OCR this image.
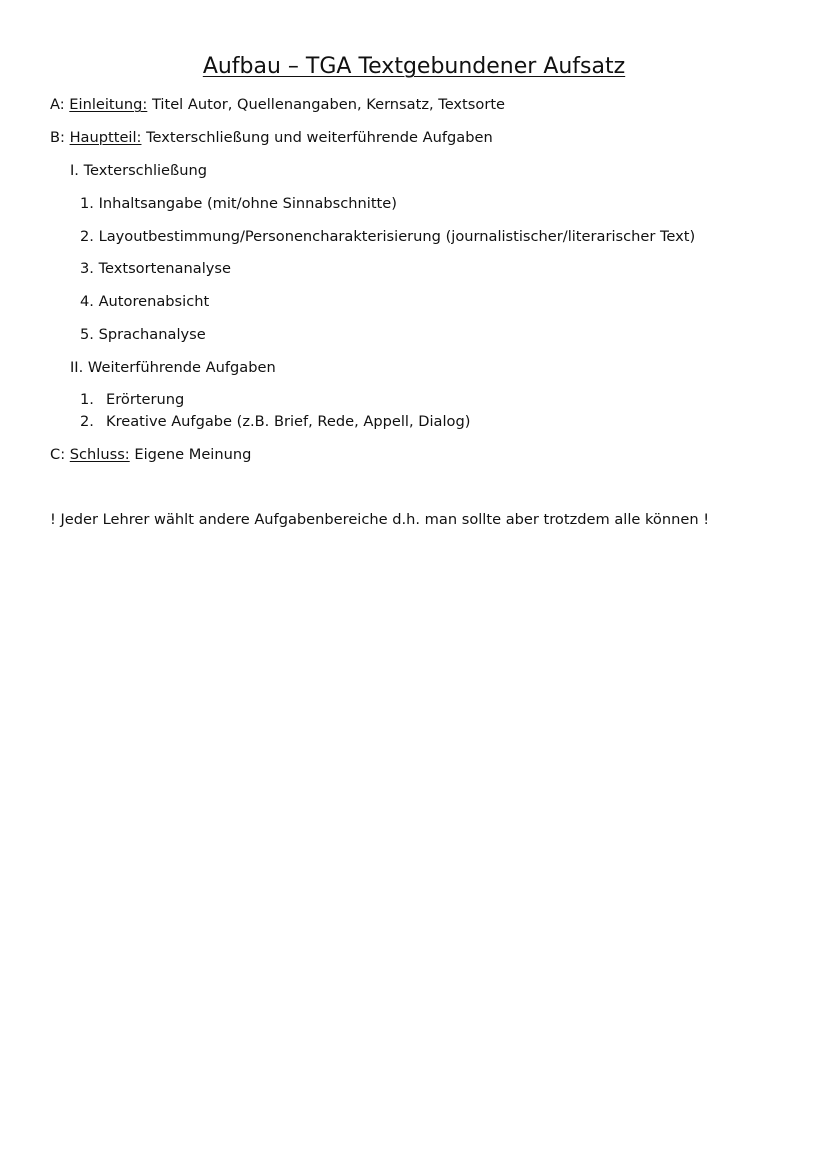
Aufbau – TGA Textgebundener Aufsatz
A: Einleitung: Titel Autor, Quellenangaben, Kernsatz, Textsorte
B: Hauptteil: Texterschließung und weiterführende Aufgaben
I. Texterschließung
1. Inhaltsangabe (mit/ohne Sinnabschnitte)
2. Layoutbestimmung/Personencharakterisierung (journalistischer/literarischer Text)
3. Textsortenanalyse
4. Autorenabsicht
5. Sprachanalyse
II. Weiterführende Aufgaben
1. Erörterung
2. Kreative Aufgabe (z.B. Brief, Rede, Appell, Dialog)
C: Schluss: Eigene Meinung
! Jeder Lehrer wählt andere Aufgabenbereiche d.h. man sollte aber trotzdem alle können !
